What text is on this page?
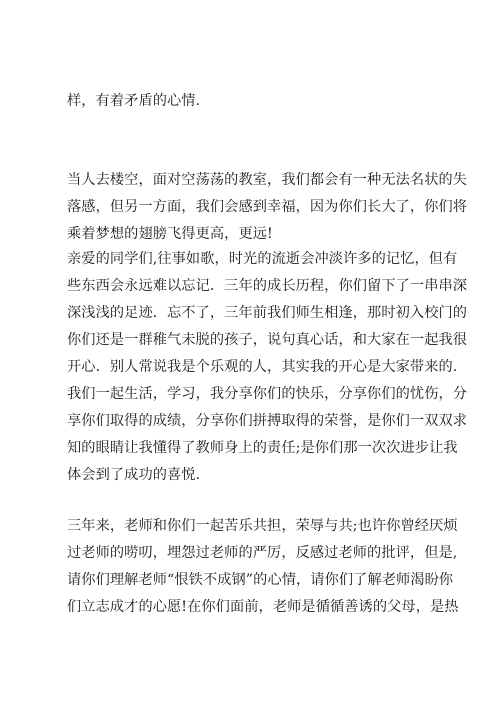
样，有着矛盾的心情.

当人去楼空，面对空荡荡的教室，我们都会有一种无法名状的失
落感，但另一方面，我们会感到幸福，因为你们长大了，你们将
乘着梦想的翅膀飞得更高，更远!

亲爱的同学们,往事如歌，时光的流逝会冲淡许多的记忆，但有
些东西会永远难以忘记．三年的成长历程，你们留下了一串串深
深浅浅的足迹．忘不了，三年前我们师生相逢，那时初入校门的
你们还是一群稚气未脱的孩子，说句真心话，和大家在一起我很
开心．别人常说我是个乐观的人，其实我的开心是大家带来的.
我们一起生活，学习，我分享你们的快乐，分享你们的忧伤，分
享你们取得的成绩，分享你们拼搏取得的荣誉，是你们一双双求
知的眼睛让我懂得了教师身上的责任;是你们那一次次进步让我
体会到了成功的喜悦.

三年来，老师和你们一起苦乐共担，荣辱与共;也许你曾经厌烦
过老师的唠叨，埋怨过老师的严厉，反感过老师的批评，但是,
请你们理解老师“恨铁不成钢”的心情，请你们了解老师渴盼你
们立志成才的心愿!在你们面前，老师是循循善诱的父母，是热
